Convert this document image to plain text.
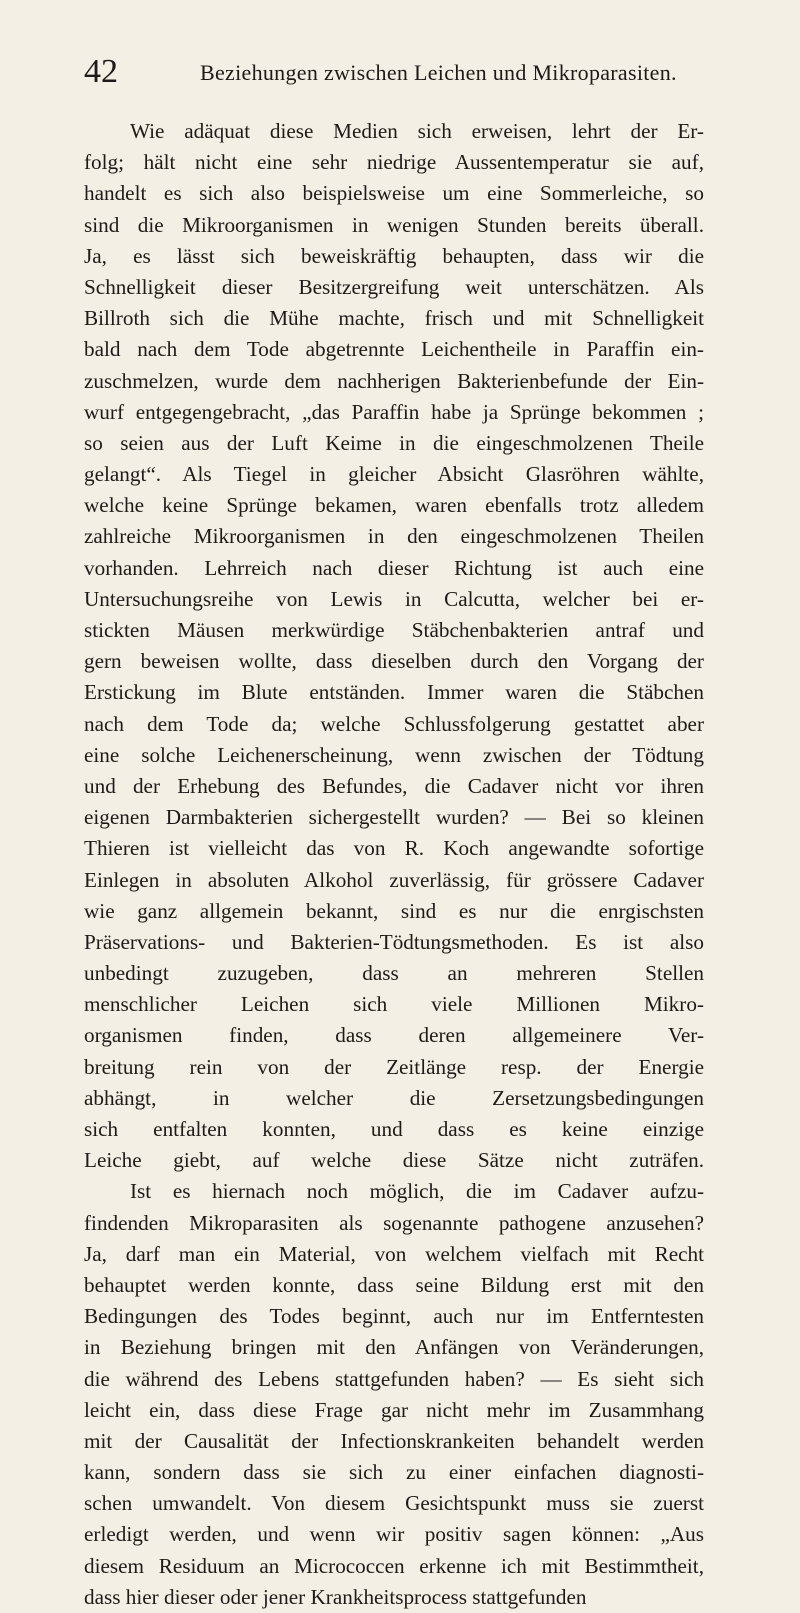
42	Beziehungen zwischen Leichen und Mikroparasiten.
Wie adäquat diese Medien sich erweisen, lehrt der Er-
folg; hält nicht eine sehr niedrige Aussentemperatur sie auf,
handelt es sich also beispielsweise um eine Sommerleiche, so
sind die Mikroorganismen in wenigen Stunden bereits überall.
Ja, es lässt sich beweiskräftig behaupten, dass wir die
Schnelligkeit dieser Besitzergreifung weit unterschätzen. Als
Billroth sich die Mühe machte, frisch und mit Schnelligkeit
bald nach dem Tode abgetrennte Leichentheile in Paraffin ein-
zuschmelzen, wurde dem nachherigen Bakterienbefunde der Ein-
wurf entgegengebracht, „das Paraffin habe ja Sprünge bekommen ;
so seien aus der Luft Keime in die eingeschmolzenen Theile
gelangt“. Als Tiegel in gleicher Absicht Glasröhren wählte,
welche keine Sprünge bekamen, waren ebenfalls trotz alledem
zahlreiche Mikroorganismen in den eingeschmolzenen Theilen
vorhanden. Lehrreich nach dieser Richtung ist auch eine
Untersuchungsreihe von Lewis in Calcutta, welcher bei er-
stickten Mäusen merkwürdige Stäbchenbakterien antraf und
gern beweisen wollte, dass dieselben durch den Vorgang der
Erstickung im Blute entständen. Immer waren die Stäbchen
nach dem Tode da; welche Schlussfolgerung gestattet aber
eine solche Leichenerscheinung, wenn zwischen der Tödtung
und der Erhebung des Befundes, die Cadaver nicht vor ihren
eigenen Darmbakterien sichergestellt wurden? — Bei so kleinen
Thieren ist vielleicht das von R. Koch angewandte sofortige
Einlegen in absoluten Alkohol zuverlässig, für grössere Cadaver
wie ganz allgemein bekannt, sind es nur die enrgischsten
Präservations- und Bakterien-Tödtungsmethoden. Es ist also
unbedingt zuzugeben, dass an mehreren Stellen
menschlicher Leichen sich viele Millionen Mikro-
organismen finden, dass deren allgemeinere Ver-
breitung rein von der Zeitlänge resp. der Energie
abhängt, in welcher die Zersetzungsbedingungen
sich entfalten konnten, und dass es keine einzige
Leiche giebt, auf welche diese Sätze nicht zuträfen.
Ist es hiernach noch möglich, die im Cadaver aufzu-
findenden Mikroparasiten als sogenannte pathogene anzusehen?
Ja, darf man ein Material, von welchem vielfach mit Recht
behauptet werden konnte, dass seine Bildung erst mit den
Bedingungen des Todes beginnt, auch nur im Entferntesten
in Beziehung bringen mit den Anfängen von Veränderungen,
die während des Lebens stattgefunden haben? — Es sieht sich
leicht ein, dass diese Frage gar nicht mehr im Zusammhang
mit der Causalität der Infectionskrankeiten behandelt werden
kann, sondern dass sie sich zu einer einfachen diagnosti-
schen umwandelt. Von diesem Gesichtspunkt muss sie zuerst
erledigt werden, und wenn wir positiv sagen können: „Aus
diesem Residuum an Micrococcen erkenne ich mit Bestimmtheit,
dass hier dieser oder jener Krankheitsprocess stattgefunden
